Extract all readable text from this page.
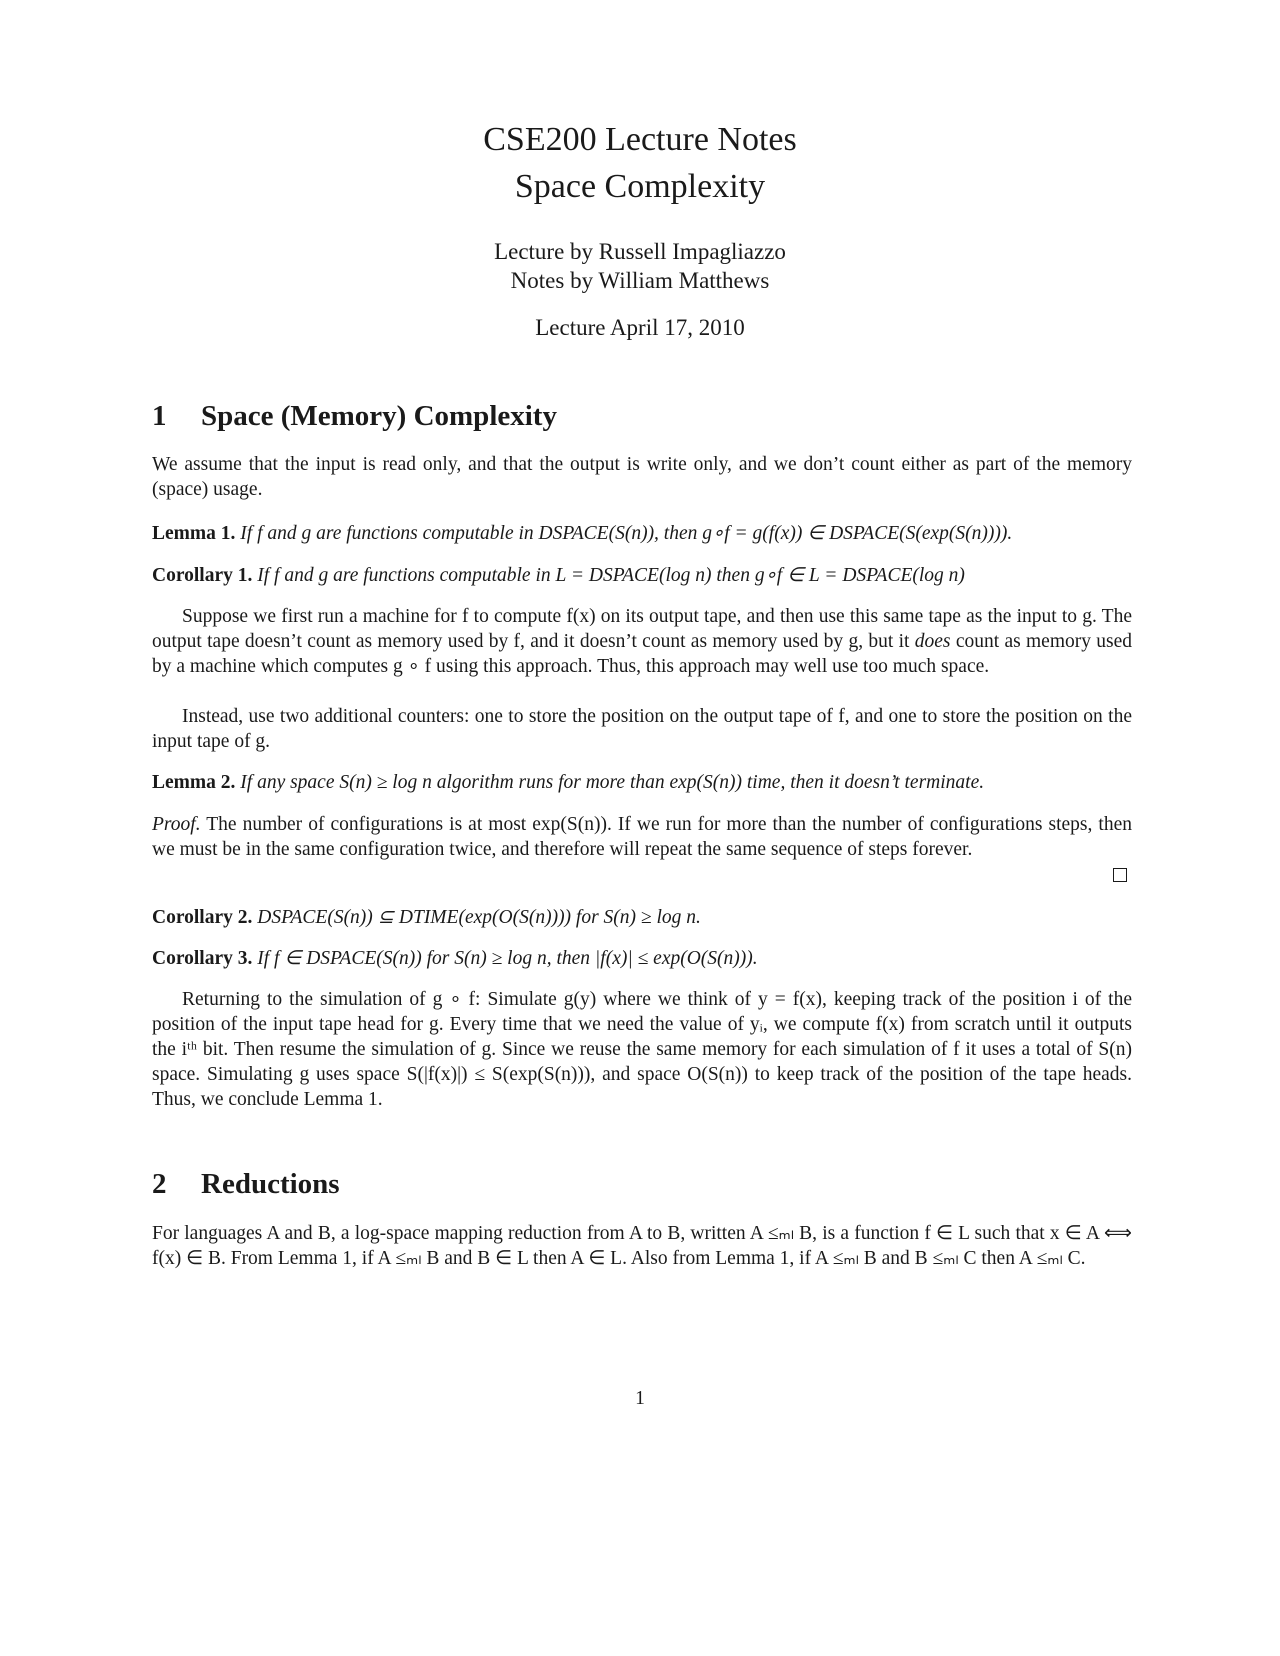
CSE200 Lecture Notes
Space Complexity
Lecture by Russell Impagliazzo
Notes by William Matthews
Lecture April 17, 2010
1 Space (Memory) Complexity
We assume that the input is read only, and that the output is write only, and we don’t count either as part of the memory (space) usage.
Lemma 1. If f and g are functions computable in DSPACE(S(n)), then g∘f = g(f(x)) ∈ DSPACE(S(exp(S(n)))).
Corollary 1. If f and g are functions computable in L = DSPACE(log n) then g∘f ∈ L = DSPACE(log n)
Suppose we first run a machine for f to compute f(x) on its output tape, and then use this same tape as the input to g. The output tape doesn’t count as memory used by f, and it doesn’t count as memory used by g, but it does count as memory used by a machine which computes g ∘ f using this approach. Thus, this approach may well use too much space.
Instead, use two additional counters: one to store the position on the output tape of f, and one to store the position on the input tape of g.
Lemma 2. If any space S(n) ≥ log n algorithm runs for more than exp(S(n)) time, then it doesn’t terminate.
Proof. The number of configurations is at most exp(S(n)). If we run for more than the number of configurations steps, then we must be in the same configuration twice, and therefore will repeat the same sequence of steps forever.
Corollary 2. DSPACE(S(n)) ⊆ DTIME(exp(O(S(n)))) for S(n) ≥ log n.
Corollary 3. If f ∈ DSPACE(S(n)) for S(n) ≥ log n, then |f(x)| ≤ exp(O(S(n))).
Returning to the simulation of g ∘ f: Simulate g(y) where we think of y = f(x), keeping track of the position i of the position of the input tape head for g. Every time that we need the value of yᵢ, we compute f(x) from scratch until it outputs the iᵗʰ bit. Then resume the simulation of g. Since we reuse the same memory for each simulation of f it uses a total of S(n) space. Simulating g uses space S(|f(x)|) ≤ S(exp(S(n))), and space O(S(n)) to keep track of the position of the tape heads. Thus, we conclude Lemma 1.
2 Reductions
For languages A and B, a log-space mapping reduction from A to B, written A ≤ₘₗ B, is a function f ∈ L such that x ∈ A ⟺ f(x) ∈ B. From Lemma 1, if A ≤ₘₗ B and B ∈ L then A ∈ L. Also from Lemma 1, if A ≤ₘₗ B and B ≤ₘₗ C then A ≤ₘₗ C.
1
